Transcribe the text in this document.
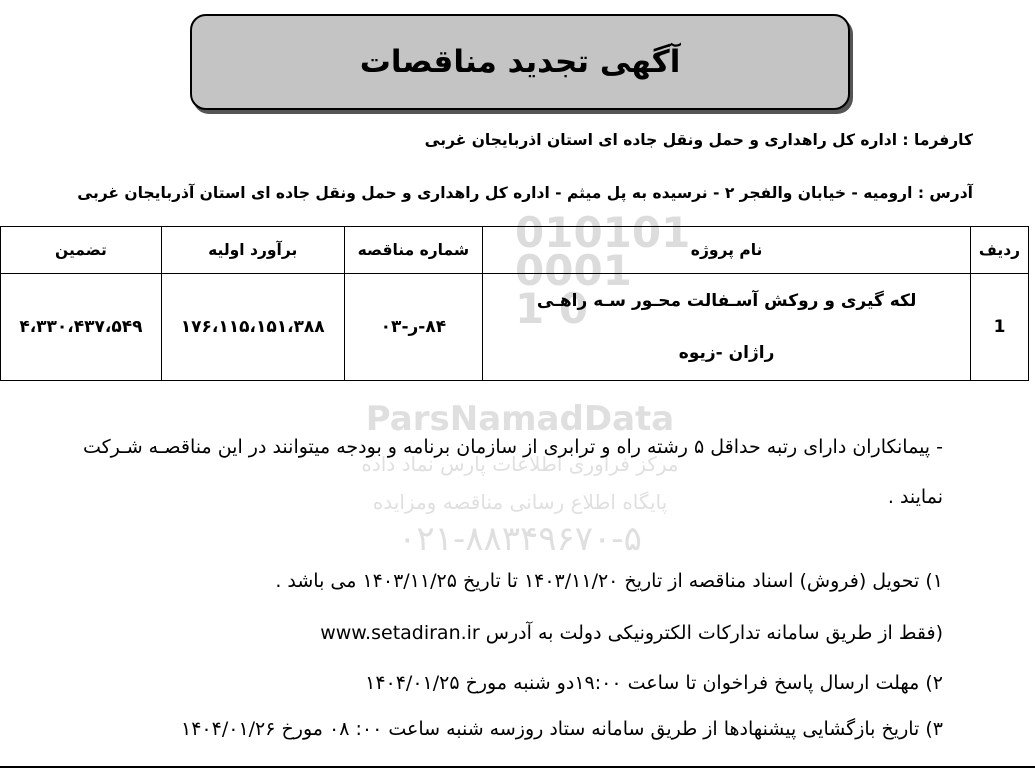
010101
0001
1 0
ParsNamadData
مرکز فراوری اطلاعات پارس نماد داده
پایگاه اطلاع رسانی مناقصه ومزایده
۰۲۱-۸۸۳۴۹۶۷۰-۵
آگهی تجدید مناقصات
کارفرما : اداره کل راهداری و حمل ونقل جاده ای استان اذربایجان غربی
آدرس : ارومیه - خیابان والفجر ۲ - نرسیده به پل میثم - اداره کل راهداری و حمل ونقل جاده ای استان آذربایجان غربی
ردیف	نام پروژه	شماره مناقصه	برآورد اولیه	تضمین
1	لکه گیری و روکش آسـفالت محـور سـه راهـی
راژان -زیوه	۸۴-ر-۰۳	۱۷۶،۱۱۵،۱۵۱،۳۸۸	۴،۳۳۰،۴۳۷،۵۴۹
- پیمانکاران دارای رتبه حداقل ۵ رشته راه و ترابری از سازمان برنامه و بودجه میتوانند در این مناقصـه شـرکت
نمایند .
۱) تحویل (فروش) اسناد مناقصه از تاریخ ۱۴۰۳/۱۱/۲۰ تا تاریخ ۱۴۰۳/۱۱/۲۵ می باشد .
(فقط از طریق سامانه تدارکات الکترونیکی دولت به آدرس www.setadiran.ir
۲) مهلت ارسال پاسخ فراخوان تا ساعت ۱۹:۰۰دو شنبه مورخ ۱۴۰۴/۰۱/۲۵
۳) تاریخ بازگشایی پیشنهادها از طریق سامانه ستاد روزسه شنبه ساعت ۰۰: ۰۸ مورخ ۱۴۰۴/۰۱/۲۶
